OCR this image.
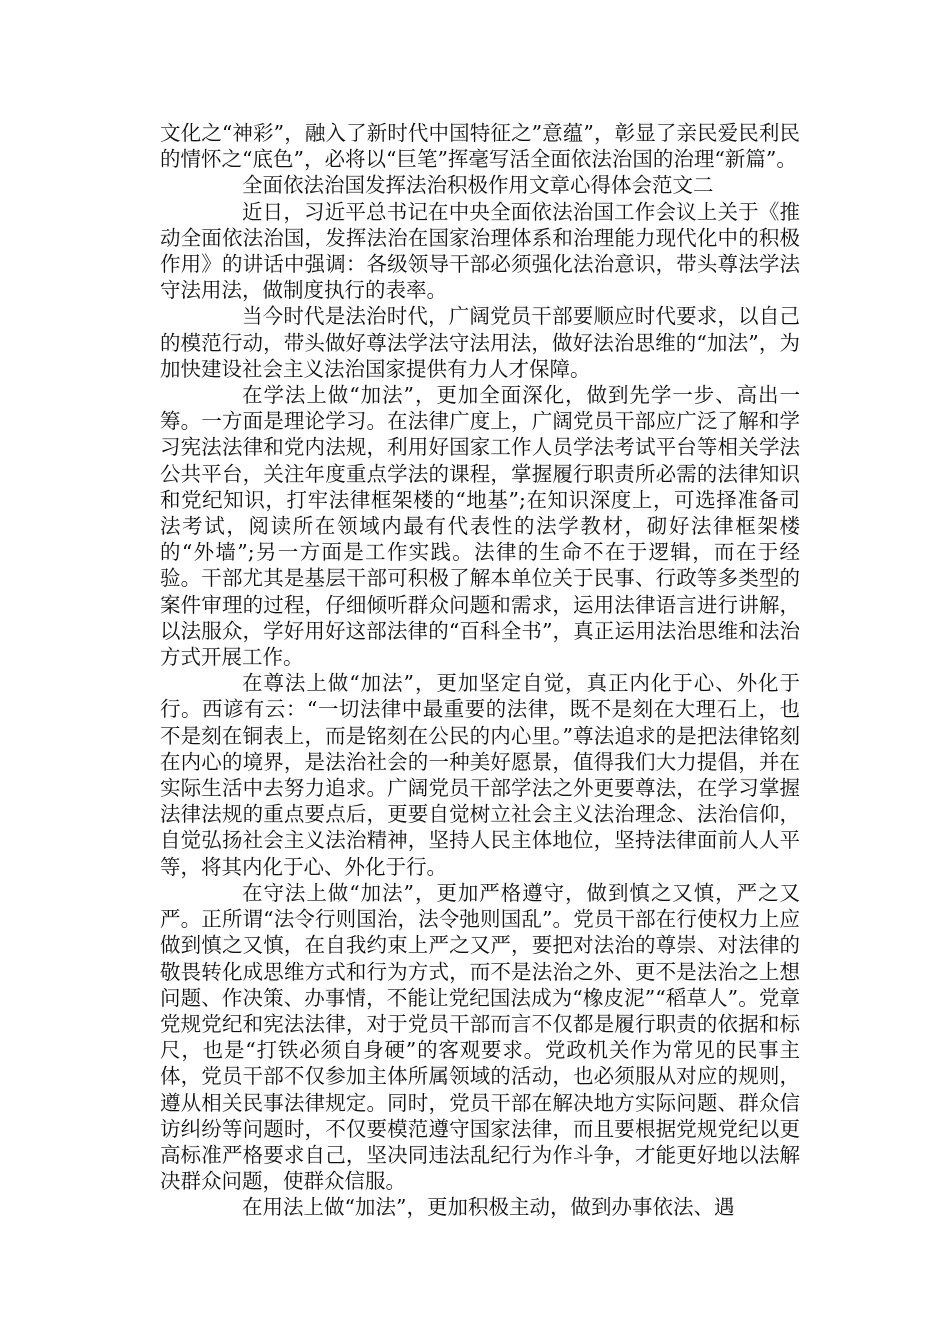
文化之“神彩”，融入了新时代中国特征之”意蕴”，彰显了亲民爱民利民的情怀之“底色”，必将以“巨笔”挥毫写活全面依法治国的治理“新篇”。

全面依法治国发挥法治积极作用文章心得体会范文二

近日，习近平总书记在中央全面依法治国工作会议上关于《推动全面依法治国，发挥法治在国家治理体系和治理能力现代化中的积极作用》的讲话中强调：各级领导干部必须强化法治意识，带头尊法学法守法用法，做制度执行的表率。

当今时代是法治时代，广阔党员干部要顺应时代要求，以自己的模范行动，带头做好尊法学法守法用法，做好法治思维的“加法”，为加快建设社会主义法治国家提供有力人才保障。

在学法上做“加法”，更加全面深化，做到先学一步、高出一筹。一方面是理论学习。在法律广度上，广阔党员干部应广泛了解和学习宪法法律和党内法规，利用好国家工作人员学法考试平台等相关学法公共平台，关注年度重点学法的课程，掌握履行职责所必需的法律知识和党纪知识，打牢法律框架楼的“地基”;在知识深度上，可选择准备司法考试，阅读所在领域内最有代表性的法学教材，砌好法律框架楼的“外墙”;另一方面是工作实践。法律的生命不在于逻辑，而在于经验。干部尤其是基层干部可积极了解本单位关于民事、行政等多类型的案件审理的过程，仔细倾听群众问题和需求，运用法律语言进行讲解，以法服众，学好用好这部法律的“百科全书”，真正运用法治思维和法治方式开展工作。

在尊法上做“加法”，更加坚定自觉，真正内化于心、外化于行。西谚有云：“一切法律中最重要的法律，既不是刻在大理石上，也不是刻在铜表上，而是铭刻在公民的内心里。”尊法追求的是把法律铭刻在内心的境界，是法治社会的一种美好愿景，值得我们大力提倡，并在实际生活中去努力追求。广阔党员干部学法之外更要尊法，在学习掌握法律法规的重点要点后，更要自觉树立社会主义法治理念、法治信仰，自觉弘扬社会主义法治精神，坚持人民主体地位，坚持法律面前人人平等，将其内化于心、外化于行。

在守法上做“加法”，更加严格遵守，做到慎之又慎，严之又严。正所谓“法令行则国治，法令弛则国乱”。党员干部在行使权力上应做到慎之又慎，在自我约束上严之又严，要把对法治的尊崇、对法律的敬畏转化成思维方式和行为方式，而不是法治之外、更不是法治之上想问题、作决策、办事情，不能让党纪国法成为“橡皮泥”“稻草人”。党章党规党纪和宪法法律，对于党员干部而言不仅都是履行职责的依据和标尺，也是“打铁必须自身硬”的客观要求。党政机关作为常见的民事主体，党员干部不仅参加主体所属领域的活动，也必须服从对应的规则，遵从相关民事法律规定。同时，党员干部在解决地方实际问题、群众信访纠纷等问题时，不仅要模范遵守国家法律，而且要根据党规党纪以更高标准严格要求自己，坚决同违法乱纪行为作斗争，才能更好地以法解决群众问题，使群众信服。

在用法上做“加法”，更加积极主动，做到办事依法、遇
